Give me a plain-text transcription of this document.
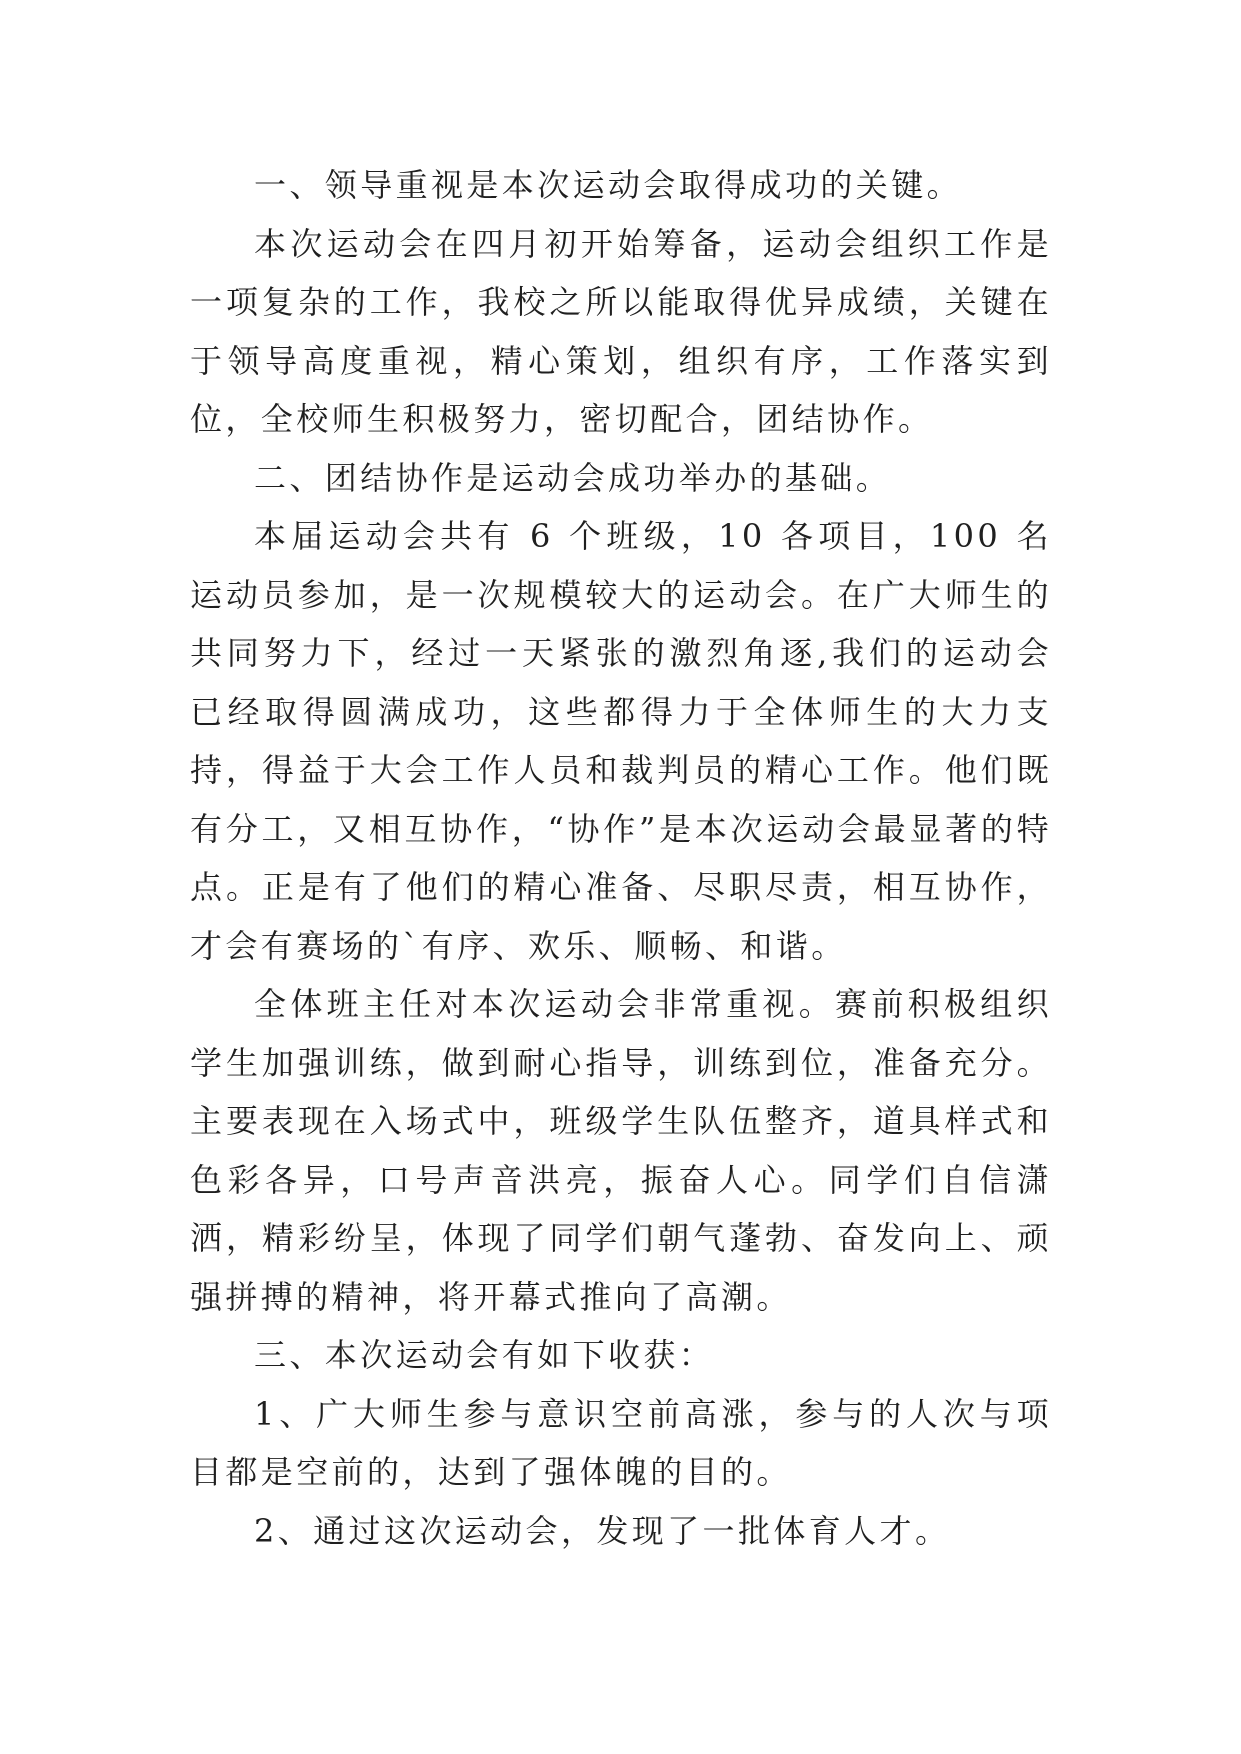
一、领导重视是本次运动会取得成功的关键。

本次运动会在四月初开始筹备，运动会组织工作是一项复杂的工作，我校之所以能取得优异成绩，关键在于领导高度重视，精心策划，组织有序，工作落实到位，全校师生积极努力，密切配合，团结协作。

二、团结协作是运动会成功举办的基础。

本届运动会共有 6 个班级，10 各项目，100 名运动员参加，是一次规模较大的运动会。在广大师生的共同努力下，经过一天紧张的激烈角逐,我们的运动会已经取得圆满成功，这些都得力于全体师生的大力支持，得益于大会工作人员和裁判员的精心工作。他们既有分工，又相互协作，“协作”是本次运动会最显著的特点。正是有了他们的精心准备、尽职尽责，相互协作，才会有赛场的`有序、欢乐、顺畅、和谐。

全体班主任对本次运动会非常重视。赛前积极组织学生加强训练，做到耐心指导，训练到位，准备充分。主要表现在入场式中，班级学生队伍整齐，道具样式和色彩各异，口号声音洪亮，振奋人心。同学们自信潇洒，精彩纷呈，体现了同学们朝气蓬勃、奋发向上、顽强拼搏的精神，将开幕式推向了高潮。

三、本次运动会有如下收获：

1、广大师生参与意识空前高涨，参与的人次与项目都是空前的，达到了强体魄的目的。

2、通过这次运动会，发现了一批体育人才。
